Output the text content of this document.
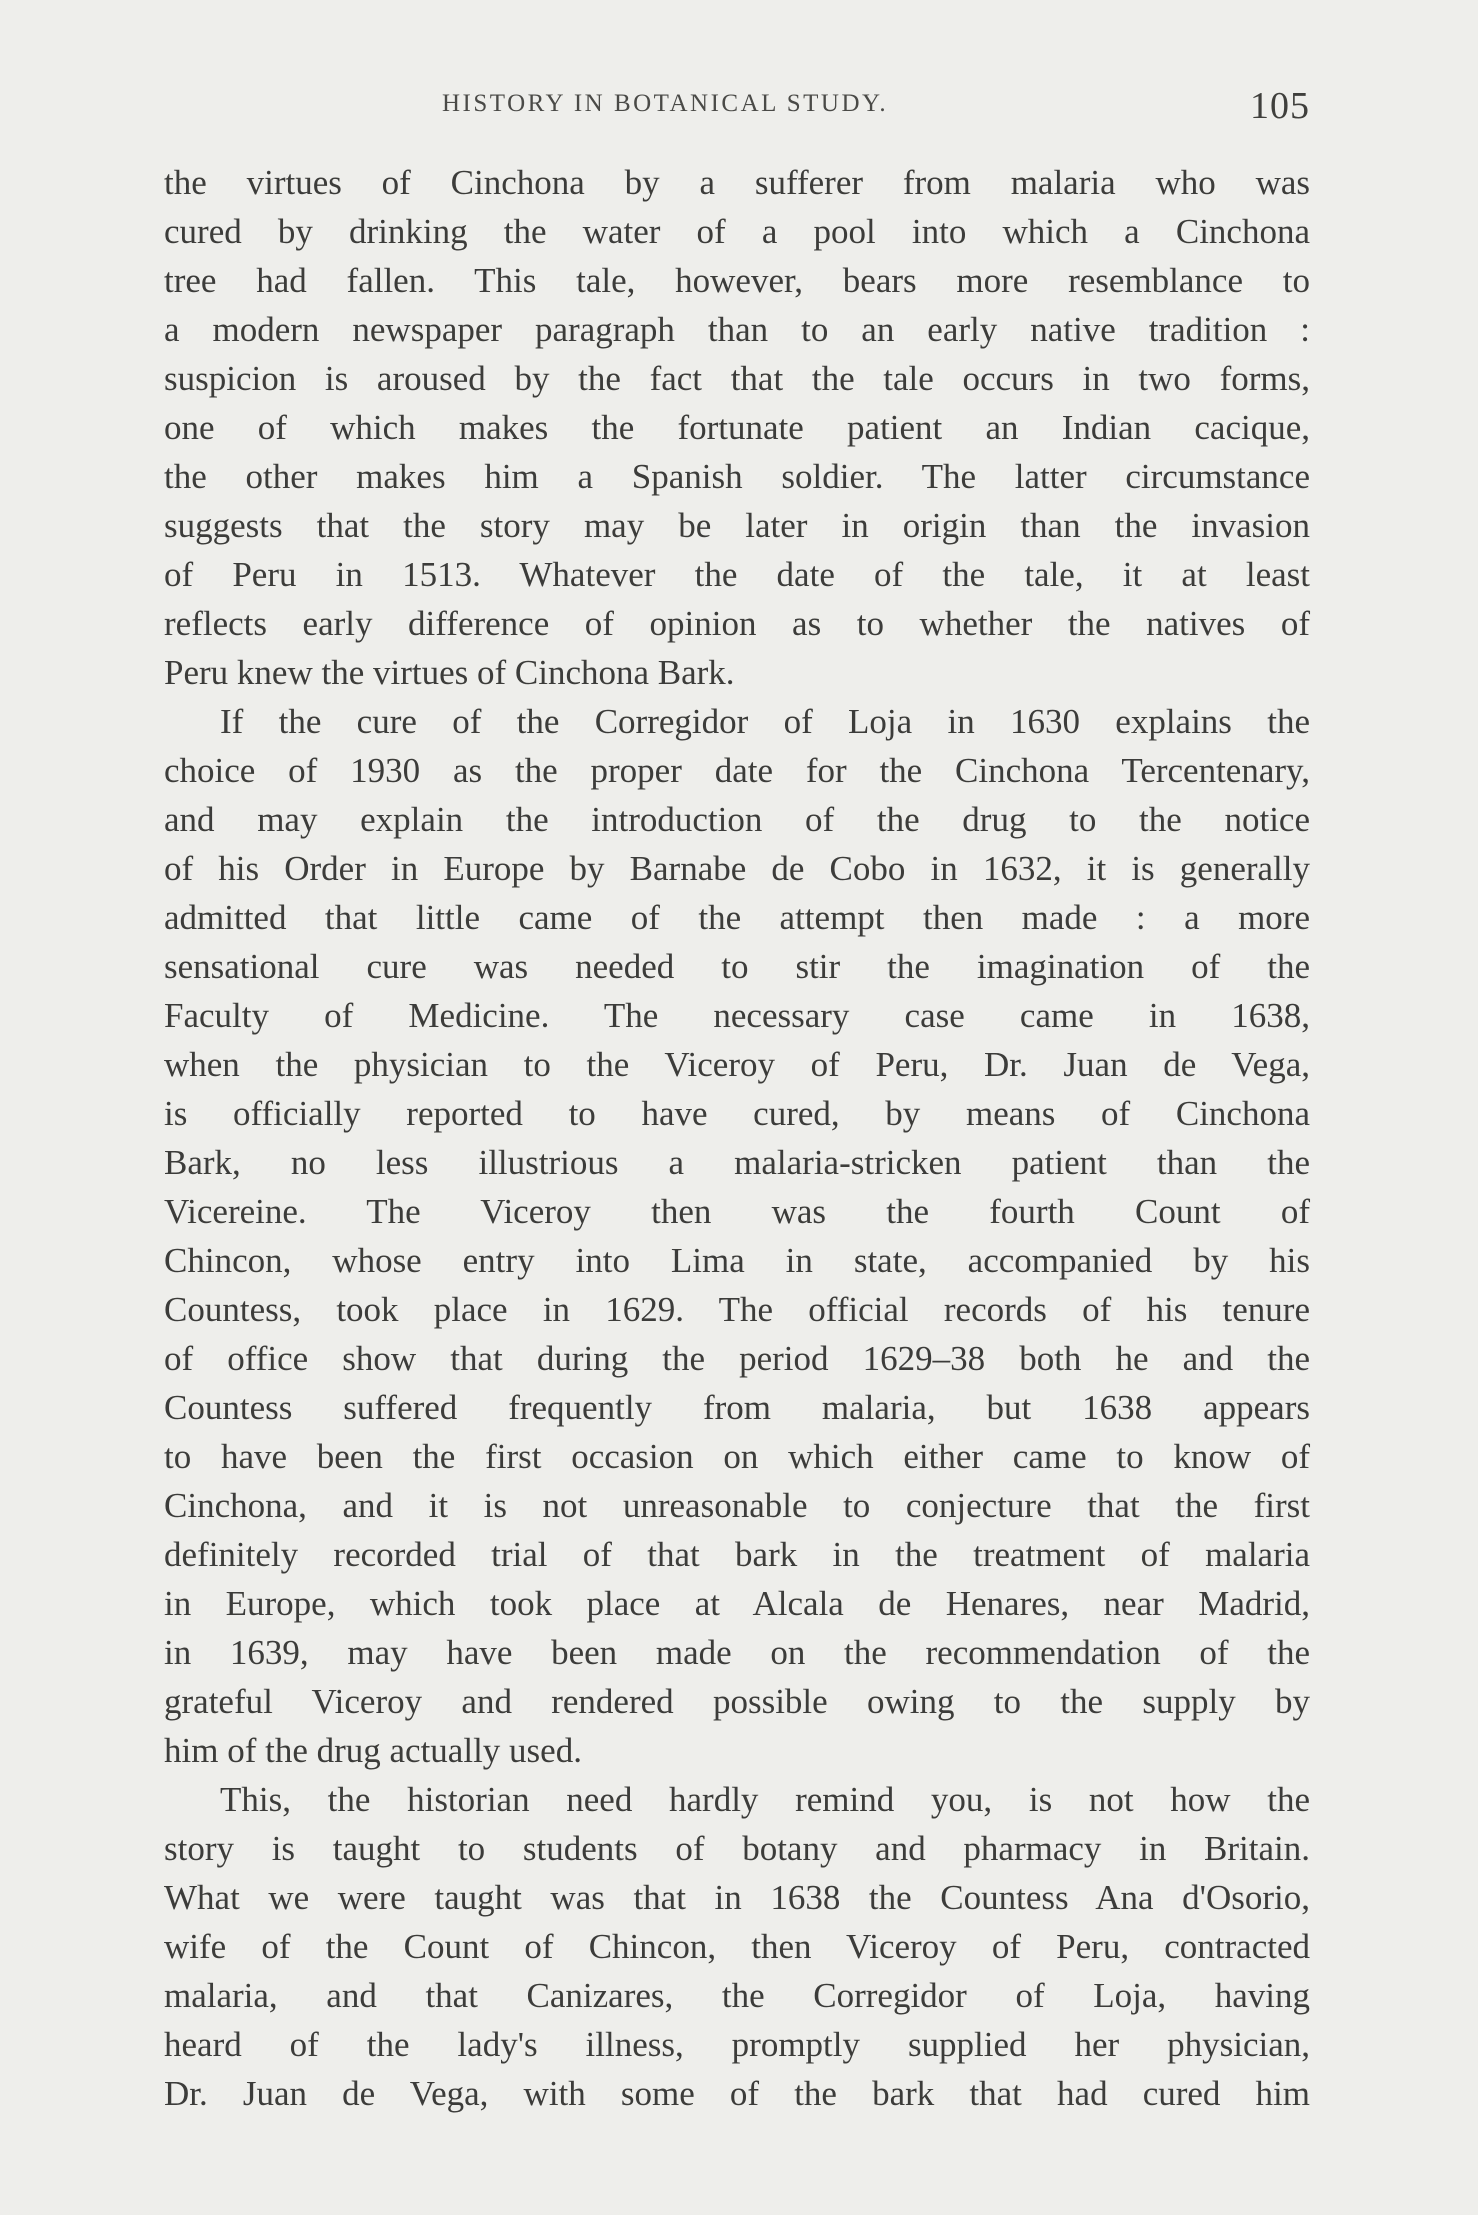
HISTORY IN BOTANICAL STUDY.	105

the virtues of Cinchona by a sufferer from malaria who was
cured by drinking the water of a pool into which a Cinchona
tree had fallen. This tale, however, bears more resemblance to
a modern newspaper paragraph than to an early native tradition :
suspicion is aroused by the fact that the tale occurs in two forms,
one of which makes the fortunate patient an Indian cacique,
the other makes him a Spanish soldier. The latter circumstance
suggests that the story may be later in origin than the invasion
of Peru in 1513. Whatever the date of the tale, it at least
reflects early difference of opinion as to whether the natives of
Peru knew the virtues of Cinchona Bark.

If the cure of the Corregidor of Loja in 1630 explains the
choice of 1930 as the proper date for the Cinchona Tercentenary,
and may explain the introduction of the drug to the notice
of his Order in Europe by Barnabe de Cobo in 1632, it is generally
admitted that little came of the attempt then made : a more
sensational cure was needed to stir the imagination of the
Faculty of Medicine. The necessary case came in 1638,
when the physician to the Viceroy of Peru, Dr. Juan de Vega,
is officially reported to have cured, by means of Cinchona
Bark, no less illustrious a malaria-stricken patient than the
Vicereine. The Viceroy then was the fourth Count of
Chincon, whose entry into Lima in state, accompanied by his
Countess, took place in 1629. The official records of his tenure
of office show that during the period 1629–38 both he and the
Countess suffered frequently from malaria, but 1638 appears
to have been the first occasion on which either came to know of
Cinchona, and it is not unreasonable to conjecture that the first
definitely recorded trial of that bark in the treatment of malaria
in Europe, which took place at Alcala de Henares, near Madrid,
in 1639, may have been made on the recommendation of the
grateful Viceroy and rendered possible owing to the supply by
him of the drug actually used.

This, the historian need hardly remind you, is not how the
story is taught to students of botany and pharmacy in Britain.
What we were taught was that in 1638 the Countess Ana d'Osorio,
wife of the Count of Chincon, then Viceroy of Peru, contracted
malaria, and that Canizares, the Corregidor of Loja, having
heard of the lady's illness, promptly supplied her physician,
Dr. Juan de Vega, with some of the bark that had cured him
